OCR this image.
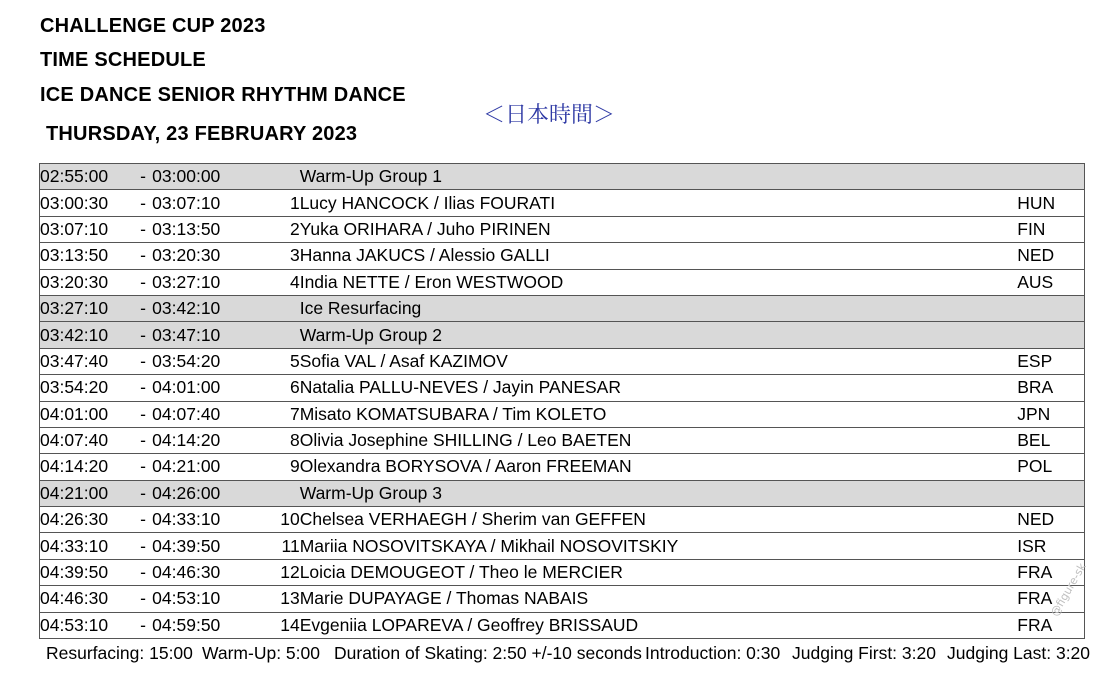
CHALLENGE CUP 2023
TIME SCHEDULE
ICE DANCE SENIOR RHYTHM DANCE
THURSDAY, 23 FEBRUARY 2023
＜日本時間＞
02:55:00	-	03:00:00		Warm-Up Group 1	
03:00:30	-	03:07:10	1	Lucy HANCOCK / Ilias FOURATI	HUN
03:07:10	-	03:13:50	2	Yuka ORIHARA / Juho PIRINEN	FIN
03:13:50	-	03:20:30	3	Hanna JAKUCS / Alessio GALLI	NED
03:20:30	-	03:27:10	4	India NETTE / Eron WESTWOOD	AUS
03:27:10	-	03:42:10		Ice Resurfacing	
03:42:10	-	03:47:10		Warm-Up Group 2	
03:47:40	-	03:54:20	5	Sofia VAL / Asaf KAZIMOV	ESP
03:54:20	-	04:01:00	6	Natalia PALLU-NEVES / Jayin PANESAR	BRA
04:01:00	-	04:07:40	7	Misato KOMATSUBARA / Tim KOLETO	JPN
04:07:40	-	04:14:20	8	Olivia Josephine SHILLING / Leo BAETEN	BEL
04:14:20	-	04:21:00	9	Olexandra BORYSOVA / Aaron FREEMAN	POL
04:21:00	-	04:26:00		Warm-Up Group 3	
04:26:30	-	04:33:10	10	Chelsea VERHAEGH / Sherim van GEFFEN	NED
04:33:10	-	04:39:50	11	Mariia NOSOVITSKAYA / Mikhail NOSOVITSKIY	ISR
04:39:50	-	04:46:30	12	Loicia DEMOUGEOT / Theo le MERCIER	FRA
04:46:30	-	04:53:10	13	Marie DUPAYAGE / Thomas NABAIS	FRA
04:53:10	-	04:59:50	14	Evgeniia LOPAREVA / Geoffrey BRISSAUD	FRA
Resurfacing: 15:00 Warm-Up: 5:00 Duration of Skating: 2:50 +/-10 seconds Introduction: 0:30 Judging First: 3:20 Judging Last: 3:20
@figure-sk
